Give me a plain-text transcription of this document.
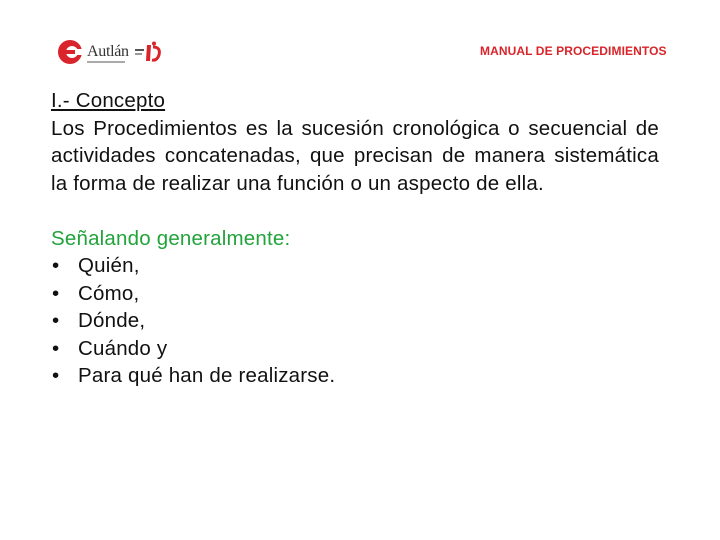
Autlán	MANUAL DE PROCEDIMIENTOS

I.- Concepto

Los Procedimientos es la sucesión cronológica o secuencial de actividades concatenadas, que precisan de manera sistemática la forma de realizar una función o un aspecto de ella.

Señalando generalmente:

• Quién,
• Cómo,
• Dónde,
• Cuándo y
• Para qué han de realizarse.
